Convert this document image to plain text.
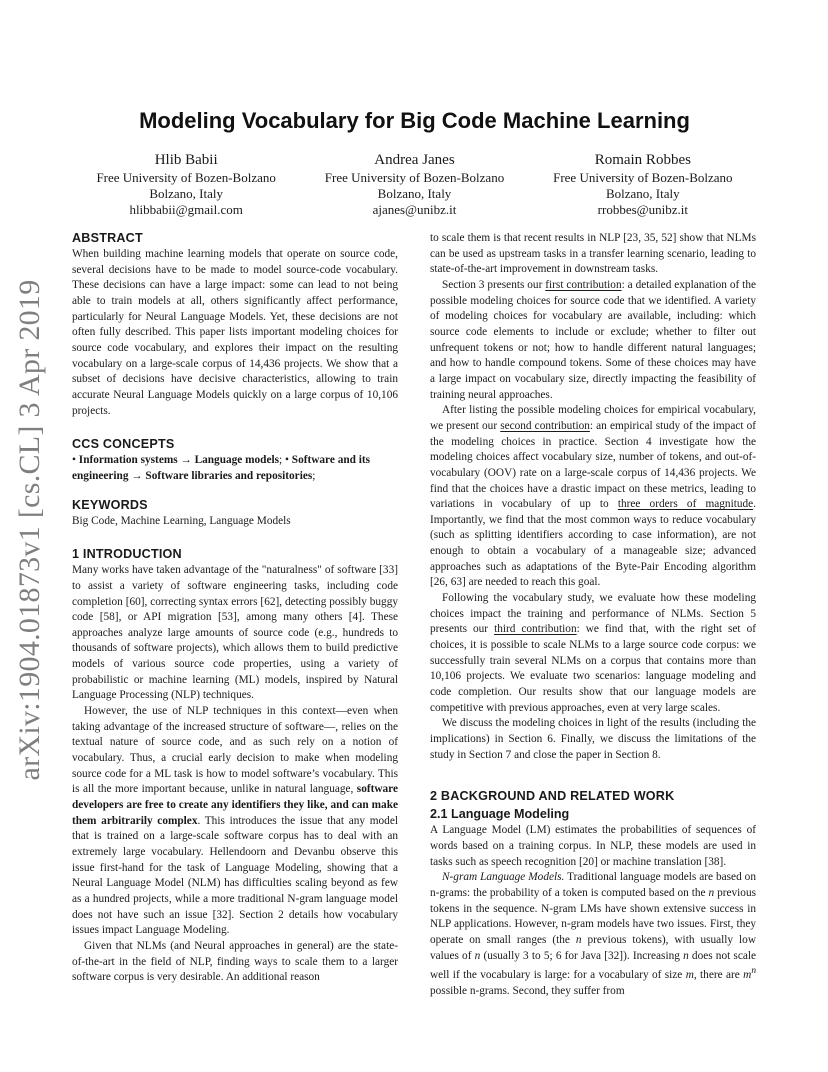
arXiv:1904.01873v1 [cs.CL] 3 Apr 2019
Modeling Vocabulary for Big Code Machine Learning
Hlib Babii
Free University of Bozen-Bolzano
Bolzano, Italy
hlibbabii@gmail.com
Andrea Janes
Free University of Bozen-Bolzano
Bolzano, Italy
ajanes@unibz.it
Romain Robbes
Free University of Bozen-Bolzano
Bolzano, Italy
rrobbes@unibz.it
ABSTRACT

When building machine learning models that operate on source code, several decisions have to be made to model source-code vocabulary. These decisions can have a large impact: some can lead to not being able to train models at all, others significantly affect performance, particularly for Neural Language Models. Yet, these decisions are not often fully described. This paper lists important modeling choices for source code vocabulary, and explores their impact on the resulting vocabulary on a large-scale corpus of 14,436 projects. We show that a subset of decisions have decisive characteristics, allowing to train accurate Neural Language Models quickly on a large corpus of 10,106 projects.

CCS CONCEPTS

• Information systems → Language models; • Software and its engineering → Software libraries and repositories;

KEYWORDS

Big Code, Machine Learning, Language Models

1 INTRODUCTION

Many works have taken advantage of the "naturalness" of software [33] to assist a variety of software engineering tasks, including code completion [60], correcting syntax errors [62], detecting possibly buggy code [58], or API migration [53], among many others [4]. These approaches analyze large amounts of source code (e.g., hundreds to thousands of software projects), which allows them to build predictive models of various source code properties, using a variety of probabilistic or machine learning (ML) models, inspired by Natural Language Processing (NLP) techniques.

However, the use of NLP techniques in this context—even when taking advantage of the increased structure of software—, relies on the textual nature of source code, and as such rely on a notion of vocabulary. Thus, a crucial early decision to make when modeling source code for a ML task is how to model software’s vocabulary. This is all the more important because, unlike in natural language, software developers are free to create any identifiers they like, and can make them arbitrarily complex. This introduces the issue that any model that is trained on a large-scale software corpus has to deal with an extremely large vocabulary. Hellendoorn and Devanbu observe this issue first-hand for the task of Language Modeling, showing that a Neural Language Model (NLM) has difficulties scaling beyond as few as a hundred projects, while a more traditional N-gram language model does not have such an issue [32]. Section 2 details how vocabulary issues impact Language Modeling.

Given that NLMs (and Neural approaches in general) are the state-of-the-art in the field of NLP, finding ways to scale them to a larger software corpus is very desirable. An additional reason

to scale them is that recent results in NLP [23, 35, 52] show that NLMs can be used as upstream tasks in a transfer learning scenario, leading to state-of-the-art improvement in downstream tasks.

Section 3 presents our first contribution: a detailed explanation of the possible modeling choices for source code that we identified. A variety of modeling choices for vocabulary are available, including: which source code elements to include or exclude; whether to filter out unfrequent tokens or not; how to handle different natural languages; and how to handle compound tokens. Some of these choices may have a large impact on vocabulary size, directly impacting the feasibility of training neural approaches.

After listing the possible modeling choices for empirical vocabulary, we present our second contribution: an empirical study of the impact of the modeling choices in practice. Section 4 investigate how the modeling choices affect vocabulary size, number of tokens, and out-of-vocabulary (OOV) rate on a large-scale corpus of 14,436 projects. We find that the choices have a drastic impact on these metrics, leading to variations in vocabulary of up to three orders of magnitude. Importantly, we find that the most common ways to reduce vocabulary (such as splitting identifiers according to case information), are not enough to obtain a vocabulary of a manageable size; advanced approaches such as adaptations of the Byte-Pair Encoding algorithm [26, 63] are needed to reach this goal.

Following the vocabulary study, we evaluate how these modeling choices impact the training and performance of NLMs. Section 5 presents our third contribution: we find that, with the right set of choices, it is possible to scale NLMs to a large source code corpus: we successfully train several NLMs on a corpus that contains more than 10,106 projects. We evaluate two scenarios: language modeling and code completion. Our results show that our language models are competitive with previous approaches, even at very large scales.

We discuss the modeling choices in light of the results (including the implications) in Section 6. Finally, we discuss the limitations of the study in Section 7 and close the paper in Section 8.

2 BACKGROUND AND RELATED WORK
2.1 Language Modeling

A Language Model (LM) estimates the probabilities of sequences of words based on a training corpus. In NLP, these models are used in tasks such as speech recognition [20] or machine translation [38].

N-gram Language Models. Traditional language models are based on n-grams: the probability of a token is computed based on the n previous tokens in the sequence. N-gram LMs have shown extensive success in NLP applications. However, n-gram models have two issues. First, they operate on small ranges (the n previous tokens), with usually low values of n (usually 3 to 5; 6 for Java [32]). Increasing n does not scale well if the vocabulary is large: for a vocabulary of size m, there are $m^n$ possible n-grams. Second, they suffer from
